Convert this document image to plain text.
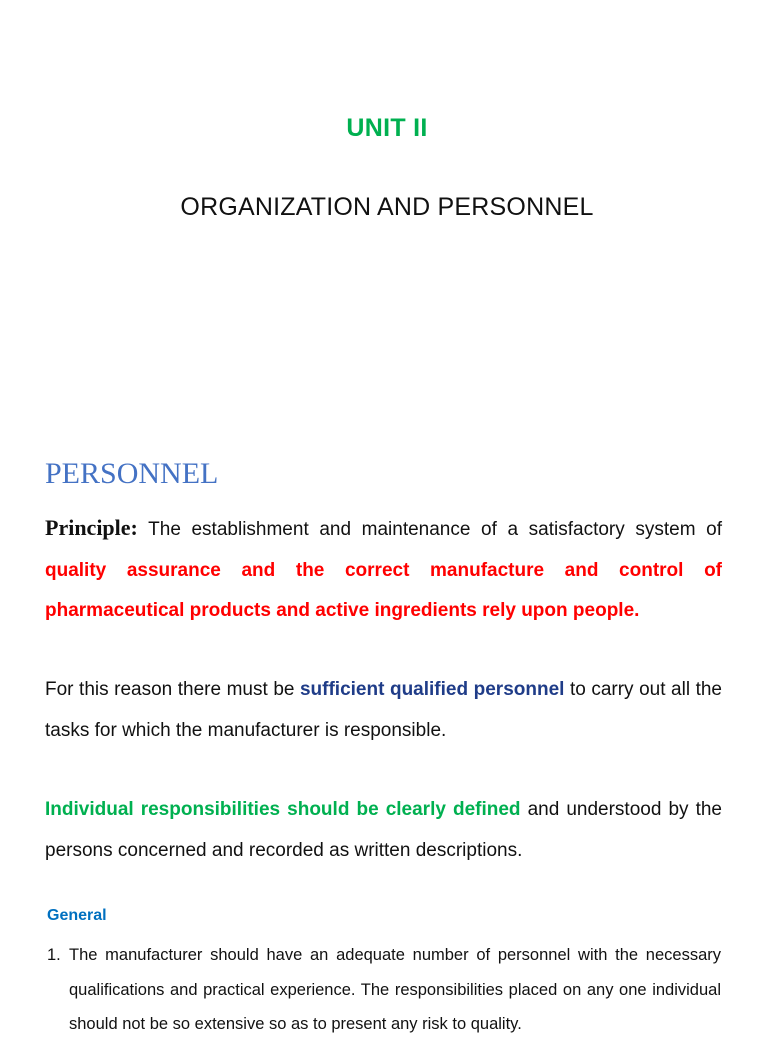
UNIT II
ORGANIZATION AND PERSONNEL
PERSONNEL
Principle: The establishment and maintenance of a satisfactory system of quality assurance and the correct manufacture and control of pharmaceutical products and active ingredients rely upon people.
For this reason there must be sufficient qualified personnel to carry out all the tasks for which the manufacturer is responsible.
Individual responsibilities should be clearly defined and understood by the persons concerned and recorded as written descriptions.
General
1. The manufacturer should have an adequate number of personnel with the necessary qualifications and practical experience. The responsibilities placed on any one individual should not be so extensive so as to present any risk to quality.
